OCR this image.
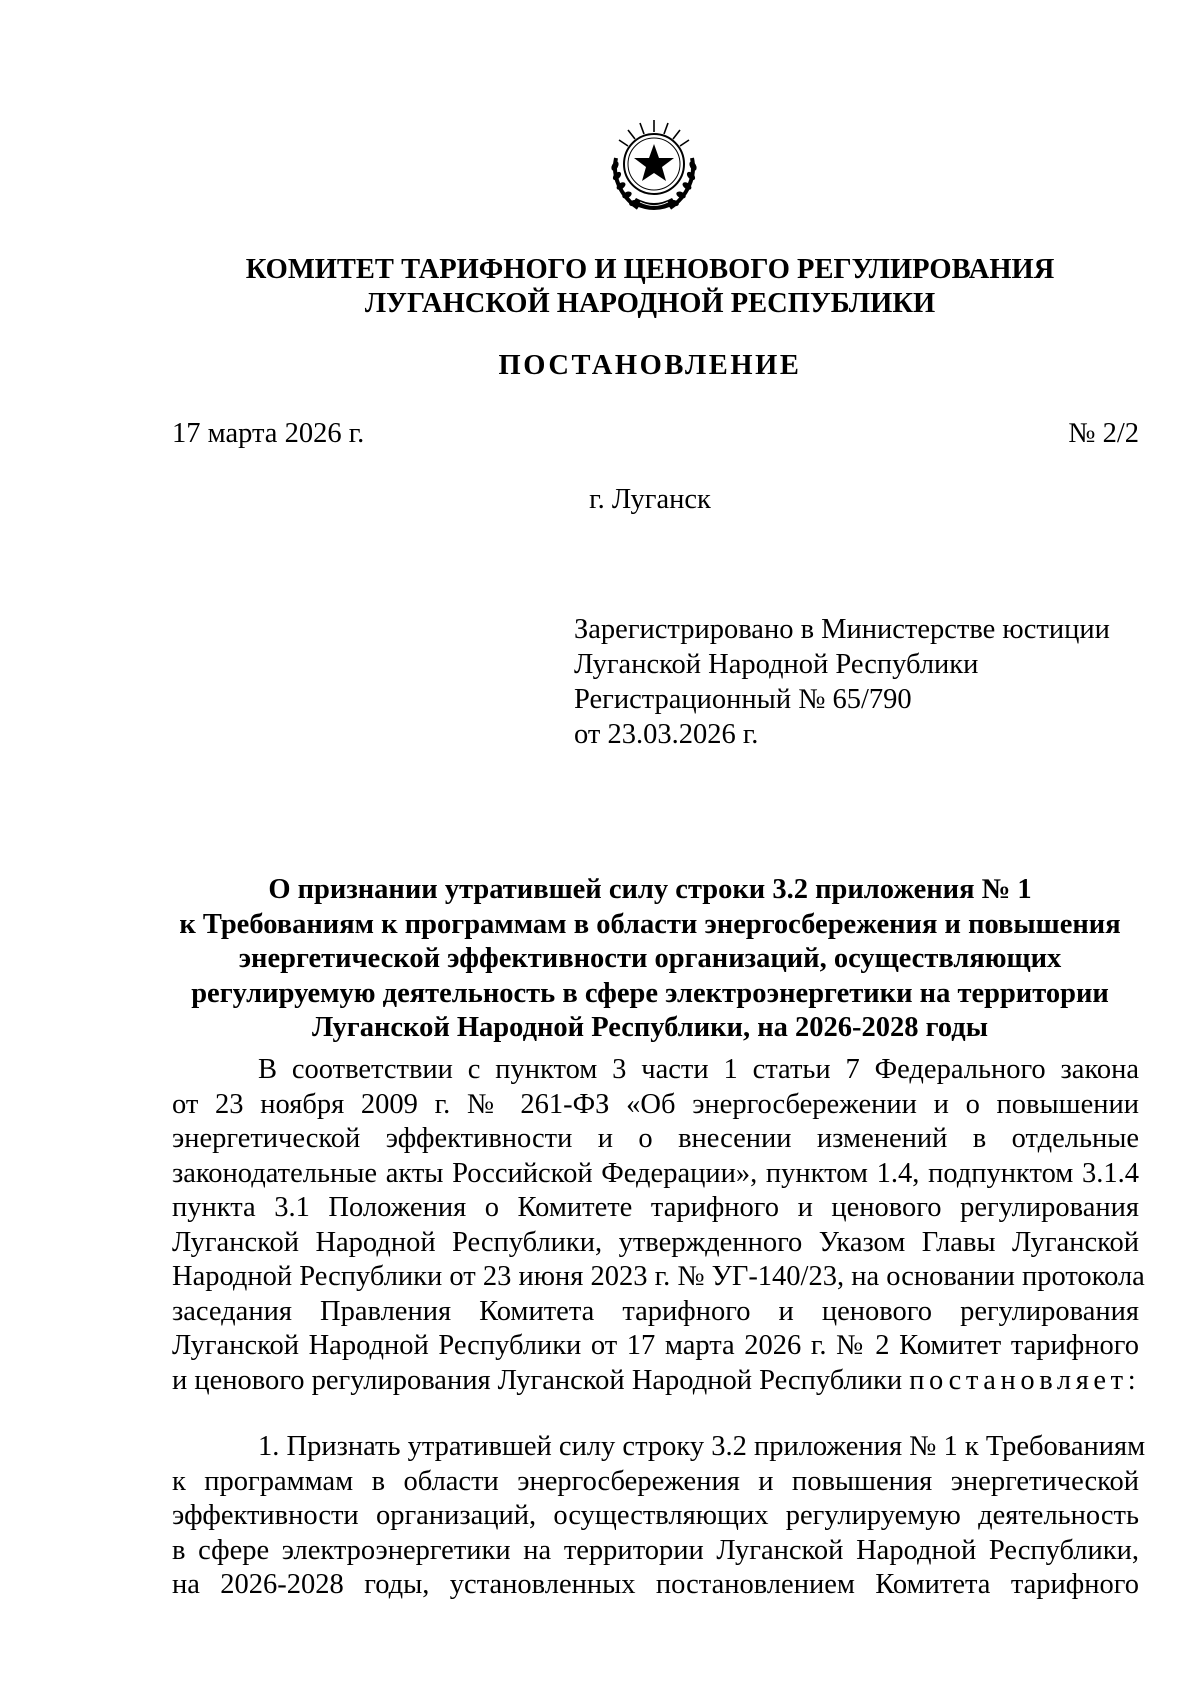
КОМИТЕТ ТАРИФНОГО И ЦЕНОВОГО РЕГУЛИРОВАНИЯ
ЛУГАНСКОЙ НАРОДНОЙ РЕСПУБЛИКИ
ПОСТАНОВЛЕНИЕ
17 марта 2026 г.	№ 2/2
г. Луганск
Зарегистрировано в Министерстве юстиции
Луганской Народной Республики
Регистрационный № 65/790
от 23.03.2026 г.
О признании утратившей силу строки 3.2 приложения № 1
к Требованиям к программам в области энергосбережения и повышения
энергетической эффективности организаций, осуществляющих
регулируемую деятельность в сфере электроэнергетики на территории
Луганской Народной Республики, на 2026-2028 годы
В соответствии с пунктом 3 части 1 статьи 7 Федерального закона
от 23 ноября 2009 г. № 261-ФЗ «Об энергосбережении и о повышении
энергетической эффективности и о внесении изменений в отдельные
законодательные акты Российской Федерации», пунктом 1.4, подпунктом 3.1.4
пункта 3.1 Положения о Комитете тарифного и ценового регулирования
Луганской Народной Республики, утвержденного Указом Главы Луганской
Народной Республики от 23 июня 2023 г. № УГ-140/23, на основании протокола
заседания Правления Комитета тарифного и ценового регулирования
Луганской Народной Республики от 17 марта 2026 г. № 2 Комитет тарифного
и ценового регулирования Луганской Народной Республики постановляет:
1. Признать утратившей силу строку 3.2 приложения № 1 к Требованиям
к программам в области энергосбережения и повышения энергетической
эффективности организаций, осуществляющих регулируемую деятельность
в сфере электроэнергетики на территории Луганской Народной Республики,
на 2026-2028 годы, установленных постановлением Комитета тарифного
